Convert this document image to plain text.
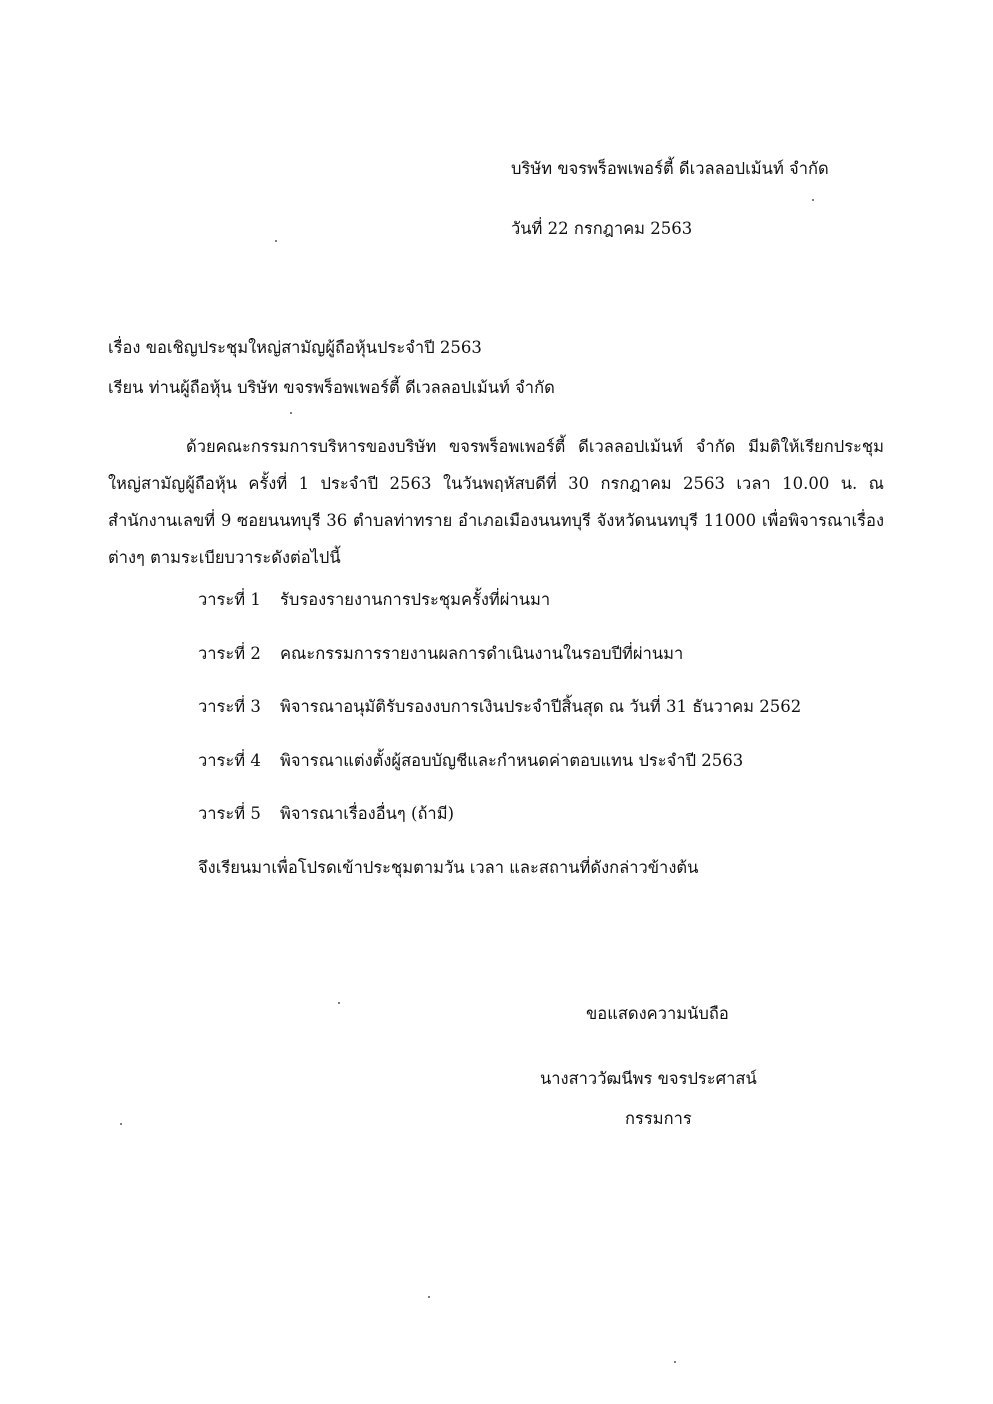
บริษัท ขจรพร็อพเพอร์ตี้ ดีเวลลอปเม้นท์ จำกัด
วันที่ 22 กรกฎาคม 2563
เรื่อง ขอเชิญประชุมใหญ่สามัญผู้ถือหุ้นประจำปี 2563
เรียน ท่านผู้ถือหุ้น บริษัท ขจรพร็อพเพอร์ตี้ ดีเวลลอปเม้นท์ จำกัด
ด้วยคณะกรรมการบริหารของบริษัท ขจรพร็อพเพอร์ตี้ ดีเวลลอปเม้นท์ จำกัด มีมติให้เรียกประชุมใหญ่สามัญผู้ถือหุ้น ครั้งที่ 1 ประจำปี 2563 ในวันพฤหัสบดีที่ 30 กรกฎาคม 2563 เวลา 10.00 น. ณ สำนักงานเลขที่ 9 ซอยนนทบุรี 36 ตำบลท่าทราย อำเภอเมืองนนทบุรี จังหวัดนนทบุรี 11000 เพื่อพิจารณาเรื่องต่างๆ ตามระเบียบวาระดังต่อไปนี้
วาระที่ 1 รับรองรายงานการประชุมครั้งที่ผ่านมา
วาระที่ 2 คณะกรรมการรายงานผลการดำเนินงานในรอบปีที่ผ่านมา
วาระที่ 3 พิจารณาอนุมัติรับรองงบการเงินประจำปีสิ้นสุด ณ วันที่ 31 ธันวาคม 2562
วาระที่ 4 พิจารณาแต่งตั้งผู้สอบบัญชีและกำหนดค่าตอบแทน ประจำปี 2563
วาระที่ 5 พิจารณาเรื่องอื่นๆ (ถ้ามี)
จึงเรียนมาเพื่อโปรดเข้าประชุมตามวัน เวลา และสถานที่ดังกล่าวข้างต้น
ขอแสดงความนับถือ
นางสาววัฒนีพร ขจรประศาสน์
กรรมการ
